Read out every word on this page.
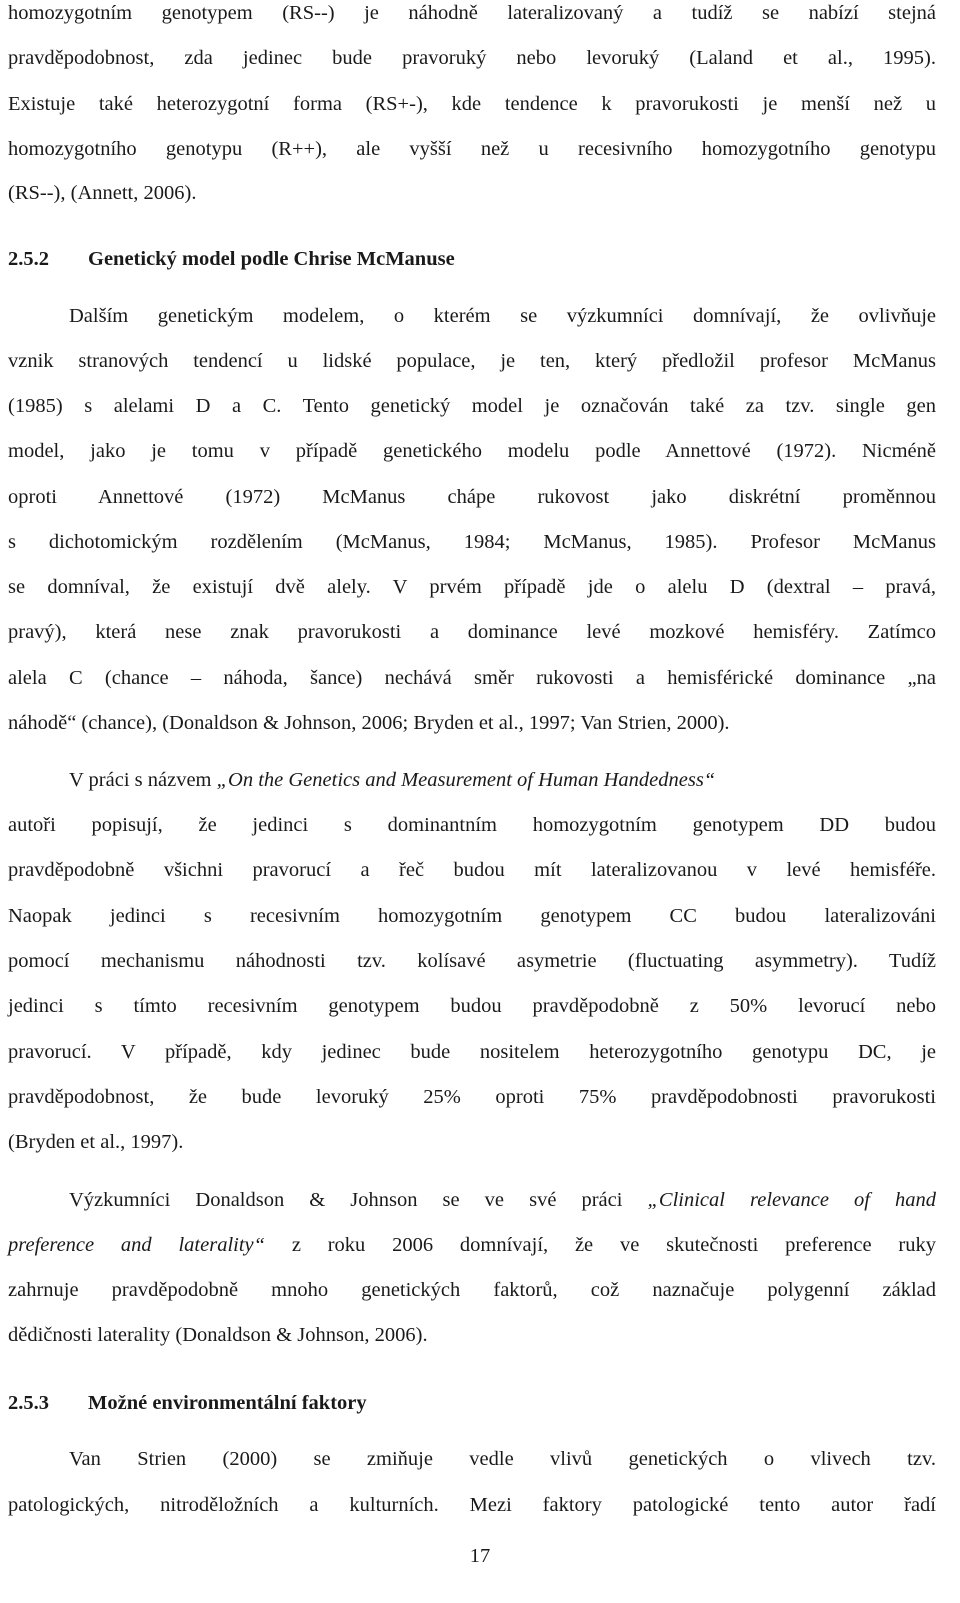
homozygotním genotypem (RS--) je náhodně lateralizovaný a tudíž se nabízí stejná
pravděpodobnost, zda jedinec bude pravoruký nebo levoruký (Laland et al., 1995).
Existuje také heterozygotní forma (RS+-), kde tendence k pravorukosti je menší než u
homozygotního genotypu (R++), ale vyšší než u recesivního homozygotního genotypu
(RS--), (Annett, 2006).
2.5.2 Genetický model podle Chrise McManuse
Dalším genetickým modelem, o kterém se výzkumníci domnívají, že ovlivňuje
vznik stranových tendencí u lidské populace, je ten, který předložil profesor McManus
(1985) s alelami D a C. Tento genetický model je označován také za tzv. single gen
model, jako je tomu v případě genetického modelu podle Annettové (1972). Nicméně
oproti Annettové (1972) McManus chápe rukovost jako diskrétní proměnnou
s dichotomickým rozdělením (McManus, 1984; McManus, 1985). Profesor McManus
se domníval, že existují dvě alely. V prvém případě jde o alelu D (dextral – pravá,
pravý), která nese znak pravorukosti a dominance levé mozkové hemisféry. Zatímco
alela C (chance – náhoda, šance) nechává směr rukovosti a hemisférické dominance „na
náhodě“ (chance), (Donaldson & Johnson, 2006; Bryden et al., 1997; Van Strien, 2000).
V práci s názvem „On the Genetics and Measurement of Human Handedness“
autoři popisují, že jedinci s dominantním homozygotním genotypem DD budou
pravděpodobně všichni pravorucí a řeč budou mít lateralizovanou v levé hemisféře.
Naopak jedinci s recesivním homozygotním genotypem CC budou lateralizováni
pomocí mechanismu náhodnosti tzv. kolísavé asymetrie (fluctuating asymmetry). Tudíž
jedinci s tímto recesivním genotypem budou pravděpodobně z 50% levorucí nebo
pravorucí. V případě, kdy jedinec bude nositelem heterozygotního genotypu DC, je
pravděpodobnost, že bude levoruký 25% oproti 75% pravděpodobnosti pravorukosti
(Bryden et al., 1997).
Výzkumníci Donaldson & Johnson se ve své práci „Clinical relevance of hand
preference and laterality“ z roku 2006 domnívají, že ve skutečnosti preference ruky
zahrnuje pravděpodobně mnoho genetických faktorů, což naznačuje polygenní základ
dědičnosti laterality (Donaldson & Johnson, 2006).
2.5.3 Možné environmentální faktory
Van Strien (2000) se zmiňuje vedle vlivů genetických o vlivech tzv.
patologických, nitroděložních a kulturních. Mezi faktory patologické tento autor řadí
17
